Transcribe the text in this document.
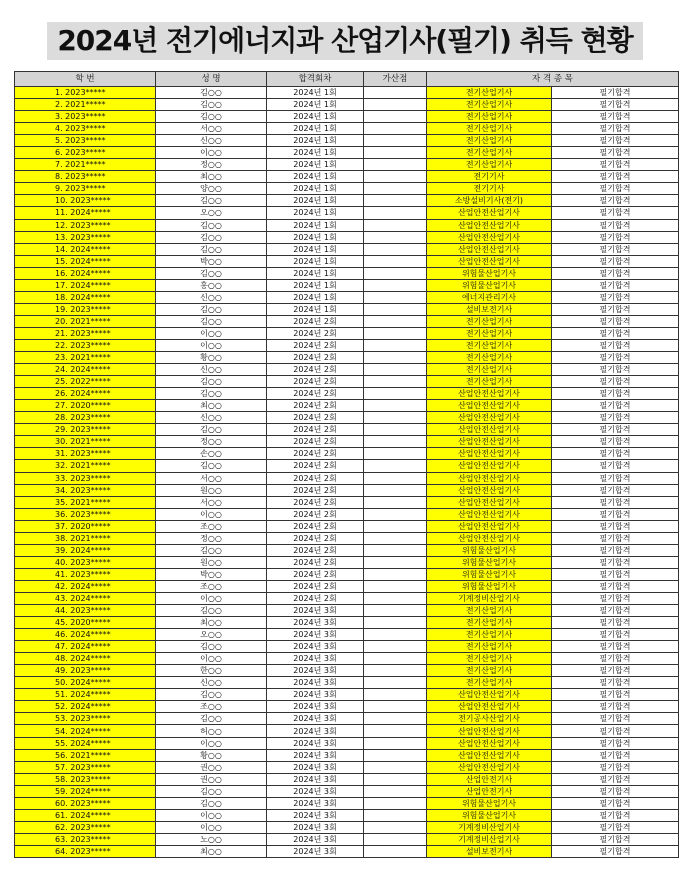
2024년 전기에너지과 산업기사(필기) 취득 현황
학 번	성 명	합격회차	가산점	자 격 종 목	
1. 2023*****	김○○	2024년 1회		전기산업기사	필기합격
2. 2021*****	김○○	2024년 1회		전기산업기사	필기합격
3. 2023*****	김○○	2024년 1회		전기산업기사	필기합격
4. 2023*****	서○○	2024년 1회		전기산업기사	필기합격
5. 2023*****	신○○	2024년 1회		전기산업기사	필기합격
6. 2023*****	이○○	2024년 1회		전기산업기사	필기합격
7. 2021*****	정○○	2024년 1회		전기산업기사	필기합격
8. 2023*****	최○○	2024년 1회		전기기사	필기합격
9. 2023*****	양○○	2024년 1회		전기기사	필기합격
10. 2023*****	김○○	2024년 1회		소방설비기사(전기)	필기합격
11. 2024*****	오○○	2024년 1회		산업안전산업기사	필기합격
12. 2023*****	김○○	2024년 1회		산업안전산업기사	필기합격
13. 2023*****	김○○	2024년 1회		산업안전산업기사	필기합격
14. 2024*****	김○○	2024년 1회		산업안전산업기사	필기합격
15. 2024*****	박○○	2024년 1회		산업안전산업기사	필기합격
16. 2024*****	김○○	2024년 1회		위험물산업기사	필기합격
17. 2024*****	홍○○	2024년 1회		위험물산업기사	필기합격
18. 2024*****	신○○	2024년 1회		에너지관리기사	필기합격
19. 2023*****	김○○	2024년 1회		설비보전기사	필기합격
20. 2021*****	김○○	2024년 2회		전기산업기사	필기합격
21. 2023*****	이○○	2024년 2회		전기산업기사	필기합격
22. 2023*****	이○○	2024년 2회		전기산업기사	필기합격
23. 2021*****	황○○	2024년 2회		전기산업기사	필기합격
24. 2024*****	신○○	2024년 2회		전기산업기사	필기합격
25. 2022*****	김○○	2024년 2회		전기산업기사	필기합격
26. 2024*****	김○○	2024년 2회		산업안전산업기사	필기합격
27. 2020*****	최○○	2024년 2회		산업안전산업기사	필기합격
28. 2023*****	신○○	2024년 2회		산업안전산업기사	필기합격
29. 2023*****	김○○	2024년 2회		산업안전산업기사	필기합격
30. 2021*****	정○○	2024년 2회		산업안전산업기사	필기합격
31. 2023*****	손○○	2024년 2회		산업안전산업기사	필기합격
32. 2021*****	김○○	2024년 2회		산업안전산업기사	필기합격
33. 2023*****	서○○	2024년 2회		산업안전산업기사	필기합격
34. 2023*****	원○○	2024년 2회		산업안전산업기사	필기합격
35. 2021*****	서○○	2024년 2회		산업안전산업기사	필기합격
36. 2023*****	이○○	2024년 2회		산업안전산업기사	필기합격
37. 2020*****	조○○	2024년 2회		산업안전산업기사	필기합격
38. 2021*****	정○○	2024년 2회		산업안전산업기사	필기합격
39. 2024*****	김○○	2024년 2회		위험물산업기사	필기합격
40. 2023*****	원○○	2024년 2회		위험물산업기사	필기합격
41. 2023*****	박○○	2024년 2회		위험물산업기사	필기합격
42. 2024*****	조○○	2024년 2회		위험물산업기사	필기합격
43. 2024*****	이○○	2024년 2회		기계정비산업기사	필기합격
44. 2023*****	김○○	2024년 3회		전기산업기사	필기합격
45. 2020*****	최○○	2024년 3회		전기산업기사	필기합격
46. 2024*****	오○○	2024년 3회		전기산업기사	필기합격
47. 2024*****	김○○	2024년 3회		전기산업기사	필기합격
48. 2024*****	이○○	2024년 3회		전기산업기사	필기합격
49. 2023*****	한○○	2024년 3회		전기산업기사	필기합격
50. 2024*****	신○○	2024년 3회		전기산업기사	필기합격
51. 2024*****	김○○	2024년 3회		산업안전산업기사	필기합격
52. 2024*****	조○○	2024년 3회		산업안전산업기사	필기합격
53. 2023*****	김○○	2024년 3회		전기공사산업기사	필기합격
54. 2024*****	허○○	2024년 3회		산업안전산업기사	필기합격
55. 2024*****	이○○	2024년 3회		산업안전산업기사	필기합격
56. 2021*****	황○○	2024년 3회		산업안전산업기사	필기합격
57. 2023*****	권○○	2024년 3회		산업안전산업기사	필기합격
58. 2023*****	권○○	2024년 3회		산업안전기사	필기합격
59. 2024*****	김○○	2024년 3회		산업안전기사	필기합격
60. 2023*****	김○○	2024년 3회		위험물산업기사	필기합격
61. 2024*****	이○○	2024년 3회		위험물산업기사	필기합격
62. 2023*****	이○○	2024년 3회		기계정비산업기사	필기합격
63. 2023*****	노○○	2024년 3회		기계정비산업기사	필기합격
64. 2023*****	최○○	2024년 3회		설비보전기사	필기합격
